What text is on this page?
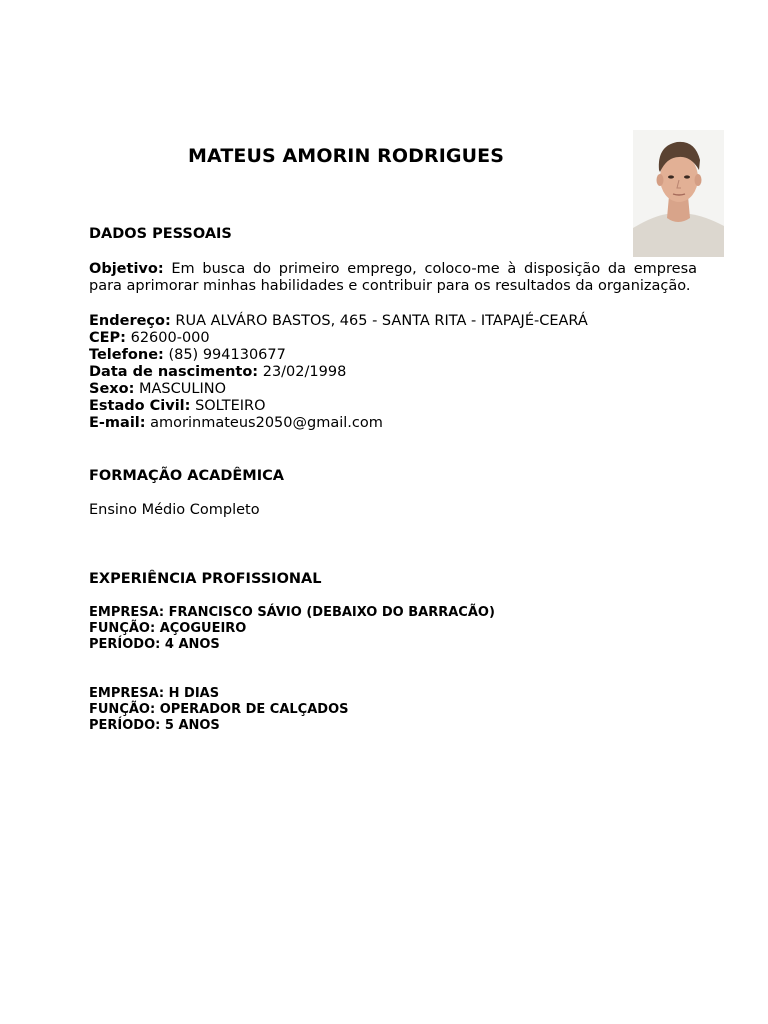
MATEUS AMORIN RODRIGUES
DADOS PESSOAIS
Objetivo: Em busca do primeiro emprego, coloco-me à disposição da empresa para aprimorar minhas habilidades e contribuir para os resultados da organização.
Endereço: RUA ALVÁRO BASTOS, 465 - SANTA RITA - ITAPAJÉ-CEARÁ
CEP: 62600-000
Telefone: (85) 994130677
Data de nascimento: 23/02/1998
Sexo: MASCULINO
Estado Civil: SOLTEIRO
E-mail: amorinmateus2050@gmail.com
FORMAÇÃO ACADÊMICA
Ensino Médio Completo
EXPERIÊNCIA PROFISSIONAL
EMPRESA: FRANCISCO SÁVIO (DEBAIXO DO BARRACÃO)
FUNÇÃO: AÇOGUEIRO
PERÍODO: 4 ANOS
EMPRESA: H DIAS
FUNÇÃO: OPERADOR DE CALÇADOS
PERÍODO: 5 ANOS
